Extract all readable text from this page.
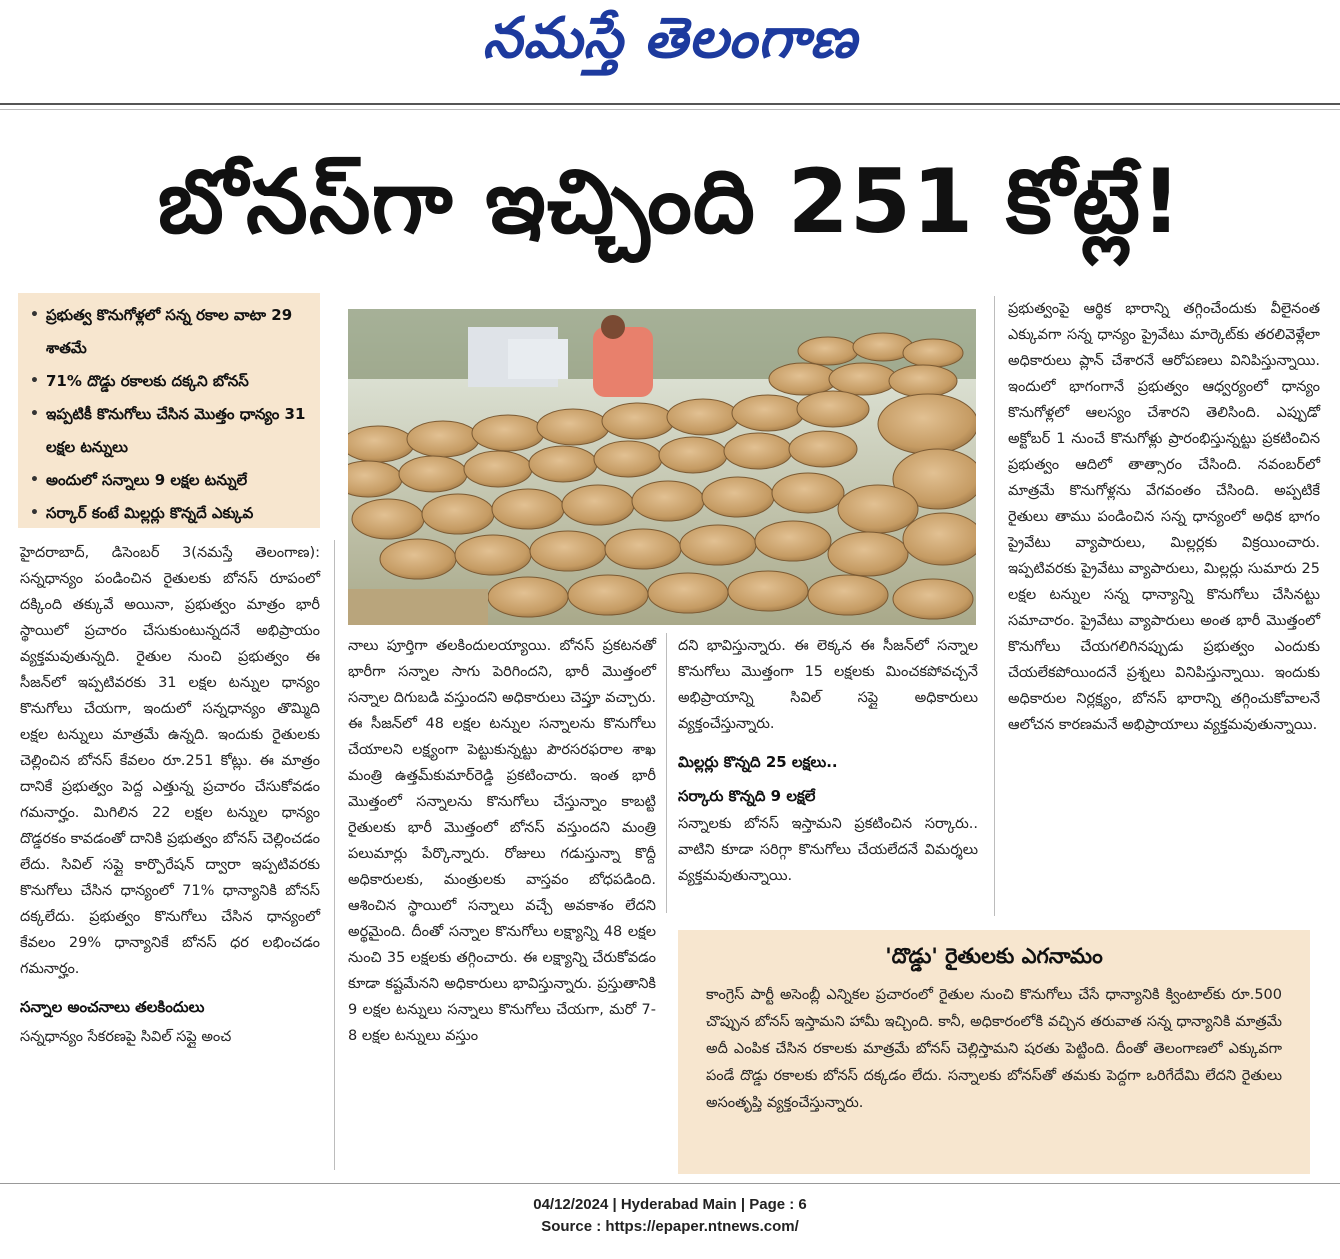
నమస్తే తెలంగాణ
బోనస్‌గా ఇచ్చింది 251 కోట్లే!
• ప్రభుత్వ కొనుగోళ్లలో సన్న రకాల వాటా 29 శాతమే
• 71% దొడ్డు రకాలకు దక్కని బోనస్
• ఇప్పటికీ కొనుగోలు చేసిన మొత్తం ధాన్యం 31 లక్షల టన్నులు
• అందులో సన్నాలు 9 లక్షల టన్నులే
• సర్కార్ కంటే మిల్లర్లు కొన్నదే ఎక్కువ

హైదరాబాద్, డిసెంబర్ 3(నమస్తే తెలంగాణ): సన్నధాన్యం పండించిన రైతులకు బోనస్ రూపంలో దక్కింది తక్కువే అయినా, ప్రభుత్వం మాత్రం భారీ స్థాయిలో ప్రచారం చేసుకుంటున్నదనే అభిప్రాయం వ్యక్తమవుతున్నది. రైతుల నుంచి ప్రభుత్వం ఈ సీజన్‌లో ఇప్పటివరకు 31 లక్షల టన్నుల ధాన్యం కొనుగోలు చేయగా, ఇందులో సన్నధాన్యం తొమ్మిది లక్షల టన్నులు మాత్రమే ఉన్నది. ఇందుకు రైతులకు చెల్లించిన బోనస్ కేవలం రూ.251 కోట్లు. ఈ మాత్రం దానికే ప్రభుత్వం పెద్ద ఎత్తున్న ప్రచారం చేసుకోవడం గమనార్హం. మిగిలిన 22 లక్షల టన్నుల ధాన్యం దొడ్డరకం కావడంతో దానికి ప్రభుత్వం బోనస్ చెల్లించడం లేదు. సివిల్ సప్లై కార్పొరేషన్ ద్వారా ఇప్పటివరకు కొనుగోలు చేసిన ధాన్యంలో 71% ధాన్యానికి బోనస్ దక్కలేదు. ప్రభుత్వం కొనుగోలు చేసిన ధాన్యంలో కేవలం 29% ధాన్యానికే బోనస్ ధర లభించడం గమనార్హం.

సన్నాల అంచనాలు తలకిందులు

సన్నధాన్యం సేకరణపై సివిల్ సప్లై అంచ

నాలు పూర్తిగా తలకిందులయ్యాయి. బోనస్ ప్రకటనతో భారీగా సన్నాల సాగు పెరిగిందని, భారీ మొత్తంలో సన్నాల దిగుబడి వస్తుందని అధికారులు చెప్తూ వచ్చారు. ఈ సీజన్‌లో 48 లక్షల టన్నుల సన్నాలను కొనుగోలు చేయాలని లక్ష్యంగా పెట్టుకున్నట్టు పౌరసరఫరాల శాఖ మంత్రి ఉత్తమ్‌కుమార్‌రెడ్డి ప్రకటించారు. ఇంత భారీ మొత్తంలో సన్నాలను కొనుగోలు చేస్తున్నాం కాబట్టి రైతులకు భారీ మొత్తంలో బోనస్ వస్తుందని మంత్రి పలుమార్లు పేర్కొన్నారు. రోజులు గడుస్తున్నా కొద్దీ అధికారులకు, మంత్రులకు వాస్తవం బోధపడింది. ఆశించిన స్థాయిలో సన్నాలు వచ్చే అవకాశం లేదని అర్థమైంది. దీంతో సన్నాల కొనుగోలు లక్ష్యాన్ని 48 లక్షల నుంచి 35 లక్షలకు తగ్గించారు. ఈ లక్ష్యాన్ని చేరుకోవడం కూడా కష్టమేనని అధికారులు భావిస్తున్నారు. ప్రస్తుతానికి 9 లక్షల టన్నులు సన్నాలు కొనుగోలు చేయగా, మరో 7-8 లక్షల టన్నులు వస్తుం

దని భావిస్తున్నారు. ఈ లెక్కన ఈ సీజన్‌లో సన్నాల కొనుగోలు మొత్తంగా 15 లక్షలకు మించకపోవచ్చనే అభిప్రాయాన్ని సివిల్ సప్లై అధికారులు వ్యక్తంచేస్తున్నారు.

మిల్లర్లు కొన్నది 25 లక్షలు..
సర్కారు కొన్నది 9 లక్షలే

సన్నాలకు బోనస్ ఇస్తామని ప్రకటించిన సర్కారు.. వాటిని కూడా సరిగ్గా కొనుగోలు చేయలేదనే విమర్శలు వ్యక్తమవుతున్నాయి.

ప్రభుత్వంపై ఆర్థిక భారాన్ని తగ్గించేందుకు వీలైనంత ఎక్కువగా సన్న ధాన్యం ప్రైవేటు మార్కెట్‌కు తరలివెళ్లేలా అధికారులు ప్లాన్ చేశారనే ఆరోపణలు వినిపిస్తున్నాయి. ఇందులో భాగంగానే ప్రభుత్వం ఆధ్వర్యంలో ధాన్యం కొనుగోళ్లలో ఆలస్యం చేశారని తెలిసింది. ఎప్పుడో అక్టోబర్ 1 నుంచే కొనుగోళ్లు ప్రారంభిస్తున్నట్టు ప్రకటించిన ప్రభుత్వం ఆదిలో తాత్సారం చేసింది. నవంబర్‌లో మాత్రమే కొనుగోళ్లను వేగవంతం చేసింది. అప్పటికే రైతులు తాము పండించిన సన్న ధాన్యంలో అధిక భాగం ప్రైవేటు వ్యాపారులు, మిల్లర్లకు విక్రయించారు. ఇప్పటివరకు ప్రైవేటు వ్యాపారులు, మిల్లర్లు సుమారు 25 లక్షల టన్నుల సన్న ధాన్యాన్ని కొనుగోలు చేసినట్టు సమాచారం. ప్రైవేటు వ్యాపారులు అంత భారీ మొత్తంలో కొనుగోలు చేయగలిగినప్పుడు ప్రభుత్వం ఎందుకు చేయలేకపోయిందనే ప్రశ్నలు వినిపిస్తున్నాయి. ఇందుకు అధికారుల నిర్లక్ష్యం, బోనస్ భారాన్ని తగ్గించుకోవాలనే ఆలోచన కారణమనే అభిప్రాయాలు వ్యక్తమవుతున్నాయి.

'దొడ్డు' రైతులకు ఎగనామం

కాంగ్రెస్ పార్టీ అసెంబ్లీ ఎన్నికల ప్రచారంలో రైతుల నుంచి కొనుగోలు చేసే ధాన్యానికి క్వింటాల్‌కు రూ.500 చొప్పున బోనస్ ఇస్తామని హామీ ఇచ్చింది. కానీ, అధికారంలోకి వచ్చిన తరువాత సన్న ధాన్యానికి మాత్రమే అదీ ఎంపిక చేసిన రకాలకు మాత్రమే బోనస్ చెల్లిస్తామని షరతు పెట్టింది. దీంతో తెలంగాణలో ఎక్కువగా పండే దొడ్డు రకాలకు బోనస్ దక్కడం లేదు. సన్నాలకు బోనస్‌తో తమకు పెద్దగా ఒరిగేదేమి లేదని రైతులు అసంతృప్తి వ్యక్తంచేస్తున్నారు.

04/12/2024 | Hyderabad Main | Page : 6
Source : https://epaper.ntnews.com/
